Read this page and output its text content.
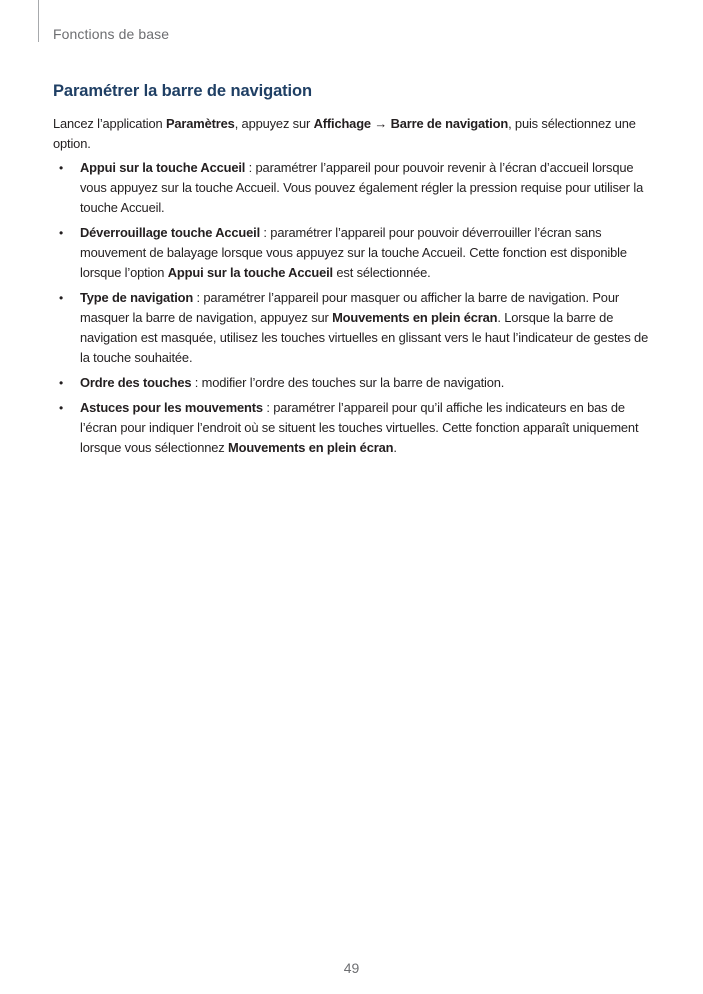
Fonctions de base
Paramétrer la barre de navigation

Lancez l’application Paramètres, appuyez sur Affichage → Barre de navigation, puis sélectionnez une option.

• Appui sur la touche Accueil : paramétrer l’appareil pour pouvoir revenir à l’écran d’accueil lorsque vous appuyez sur la touche Accueil. Vous pouvez également régler la pression requise pour utiliser la touche Accueil.
• Déverrouillage touche Accueil : paramétrer l’appareil pour pouvoir déverrouiller l’écran sans mouvement de balayage lorsque vous appuyez sur la touche Accueil. Cette fonction est disponible lorsque l’option Appui sur la touche Accueil est sélectionnée.
• Type de navigation : paramétrer l’appareil pour masquer ou afficher la barre de navigation. Pour masquer la barre de navigation, appuyez sur Mouvements en plein écran. Lorsque la barre de navigation est masquée, utilisez les touches virtuelles en glissant vers le haut l’indicateur de gestes de la touche souhaitée.
• Ordre des touches : modifier l’ordre des touches sur la barre de navigation.
• Astuces pour les mouvements : paramétrer l’appareil pour qu’il affiche les indicateurs en bas de l’écran pour indiquer l’endroit où se situent les touches virtuelles. Cette fonction apparaît uniquement lorsque vous sélectionnez Mouvements en plein écran.
49
